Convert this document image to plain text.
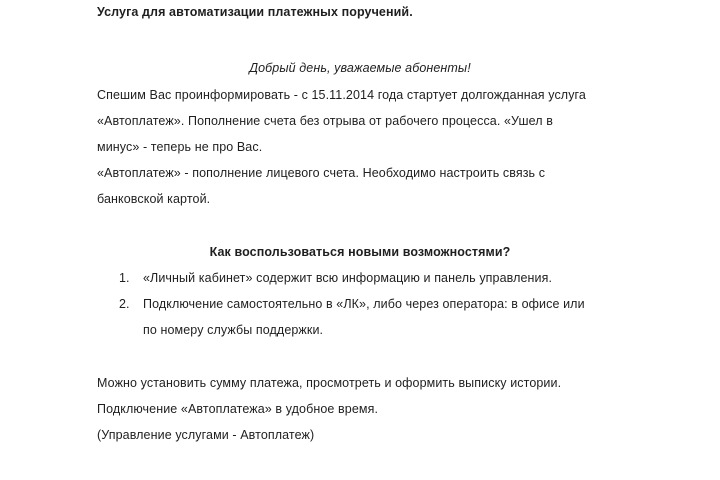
Услуга для автоматизации платежных поручений.
Добрый день, уважаемые абоненты!
Спешим Вас проинформировать - с 15.11.2014 года стартует долгожданная услуга
«Автоплатеж». Пополнение счета без отрыва от рабочего процесса. «Ушел в
минус» - теперь не про Вас.
«Автоплатеж» - пополнение лицевого счета. Необходимо настроить связь с
банковской картой.
Как воспользоваться новыми возможностями?
1. «Личный кабинет» содержит всю информацию и панель управления.
2. Подключение самостоятельно в «ЛК», либо через оператора: в офисе или
по номеру службы поддержки.
Можно установить сумму платежа, просмотреть и оформить выписку истории.
Подключение «Автоплатежа» в удобное время.
(Управление услугами - Автоплатеж)
